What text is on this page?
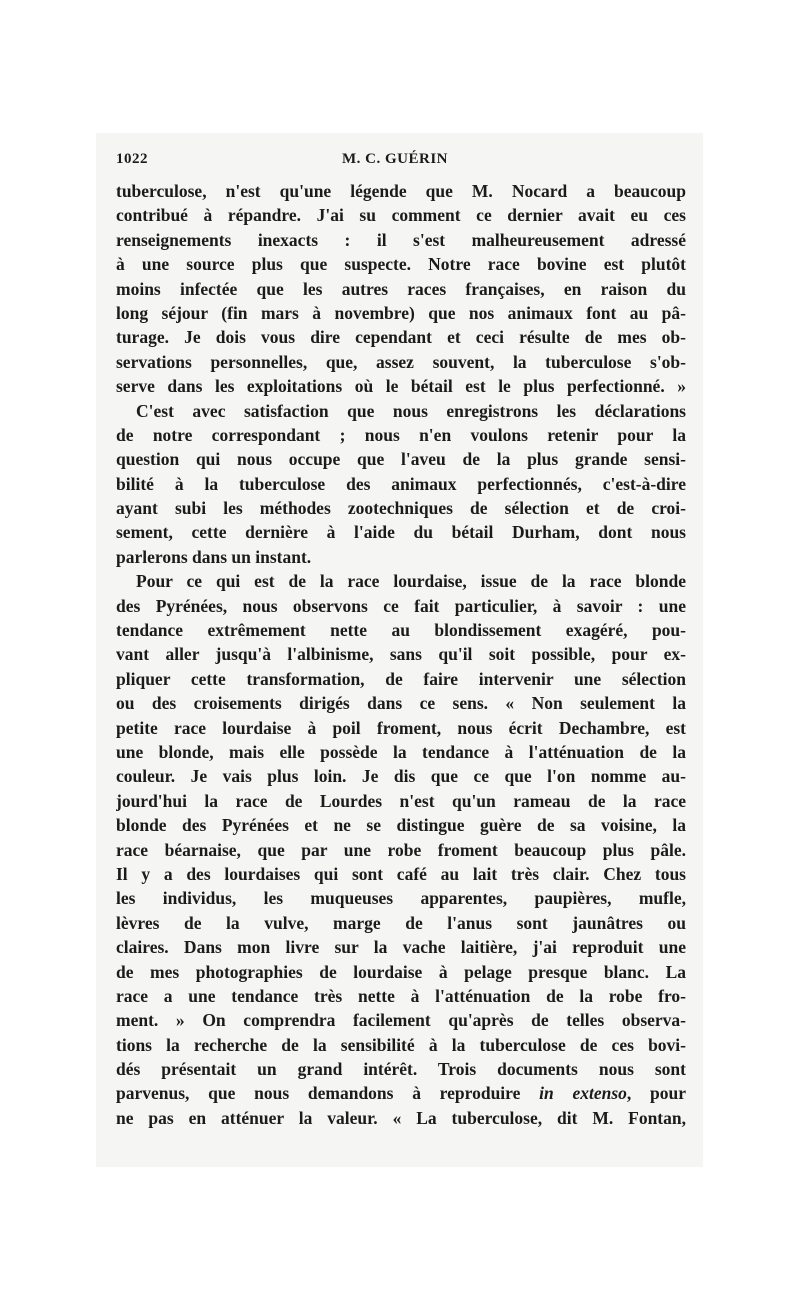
1022	M. C. GUÉRIN
tuberculose, n'est qu'une légende que M. Nocard a beaucoup
contribué à répandre. J'ai su comment ce dernier avait eu ces
renseignements inexacts : il s'est malheureusement adressé
à une source plus que suspecte. Notre race bovine est plutôt
moins infectée que les autres races françaises, en raison du
long séjour (fin mars à novembre) que nos animaux font au pâ-
turage. Je dois vous dire cependant et ceci résulte de mes ob-
servations personnelles, que, assez souvent, la tuberculose s'ob-
serve dans les exploitations où le bétail est le plus perfectionné. »
C'est avec satisfaction que nous enregistrons les déclarations
de notre correspondant ; nous n'en voulons retenir pour la
question qui nous occupe que l'aveu de la plus grande sensi-
bilité à la tuberculose des animaux perfectionnés, c'est-à-dire
ayant subi les méthodes zootechniques de sélection et de croi-
sement, cette dernière à l'aide du bétail Durham, dont nous
parlerons dans un instant.
Pour ce qui est de la race lourdaise, issue de la race blonde
des Pyrénées, nous observons ce fait particulier, à savoir : une
tendance extrêmement nette au blondissement exagéré, pou-
vant aller jusqu'à l'albinisme, sans qu'il soit possible, pour ex-
pliquer cette transformation, de faire intervenir une sélection
ou des croisements dirigés dans ce sens. « Non seulement la
petite race lourdaise à poil froment, nous écrit Dechambre, est
une blonde, mais elle possède la tendance à l'atténuation de la
couleur. Je vais plus loin. Je dis que ce que l'on nomme au-
jourd'hui la race de Lourdes n'est qu'un rameau de la race
blonde des Pyrénées et ne se distingue guère de sa voisine, la
race béarnaise, que par une robe froment beaucoup plus pâle.
Il y a des lourdaises qui sont café au lait très clair. Chez tous
les individus, les muqueuses apparentes, paupières, mufle,
lèvres de la vulve, marge de l'anus sont jaunâtres ou
claires. Dans mon livre sur la vache laitière, j'ai reproduit une
de mes photographies de lourdaise à pelage presque blanc. La
race a une tendance très nette à l'atténuation de la robe fro-
ment. » On comprendra facilement qu'après de telles observa-
tions la recherche de la sensibilité à la tuberculose de ces bovi-
dés présentait un grand intérêt. Trois documents nous sont
parvenus, que nous demandons à reproduire in extenso, pour
ne pas en atténuer la valeur. « La tuberculose, dit M. Fontan,
